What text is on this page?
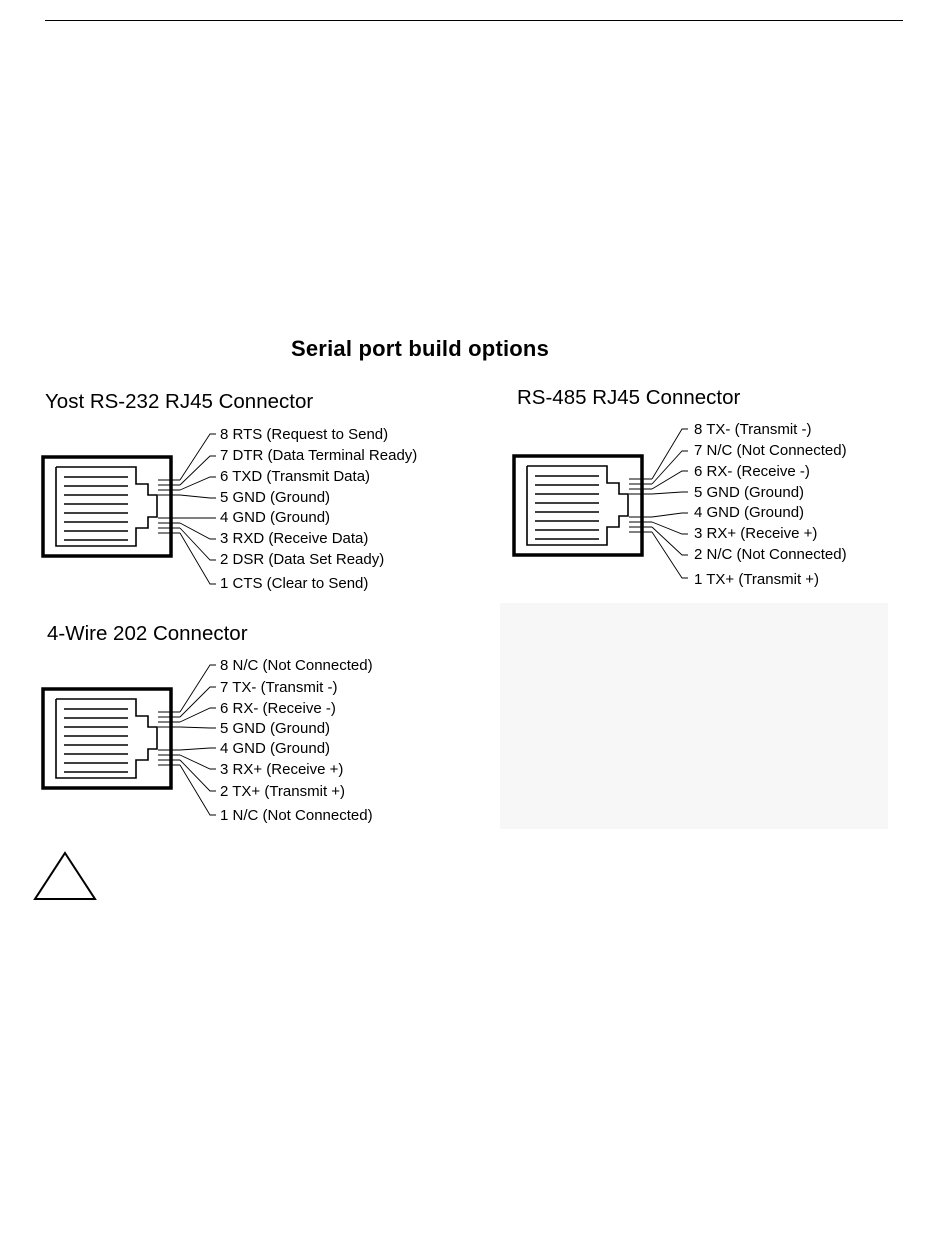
Serial port build options
Yost RS-232 RJ45 Connector
8 RTS (Request to Send)
7 DTR (Data Terminal Ready)
6 TXD (Transmit Data)
5 GND (Ground)
4 GND (Ground)
3 RXD (Receive Data)
2 DSR (Data Set Ready)
1 CTS (Clear to Send)
RS-485 RJ45 Connector
8 TX- (Transmit -)
7 N/C (Not Connected)
6 RX- (Receive -)
5 GND (Ground)
4 GND (Ground)
3 RX+ (Receive +)
2 N/C (Not Connected)
1 TX+ (Transmit +)
4-Wire 202 Connector
8 N/C (Not Connected)
7 TX- (Transmit -)
6 RX- (Receive -)
5 GND (Ground)
4 GND (Ground)
3 RX+ (Receive +)
2 TX+ (Transmit +)
1 N/C (Not Connected)
